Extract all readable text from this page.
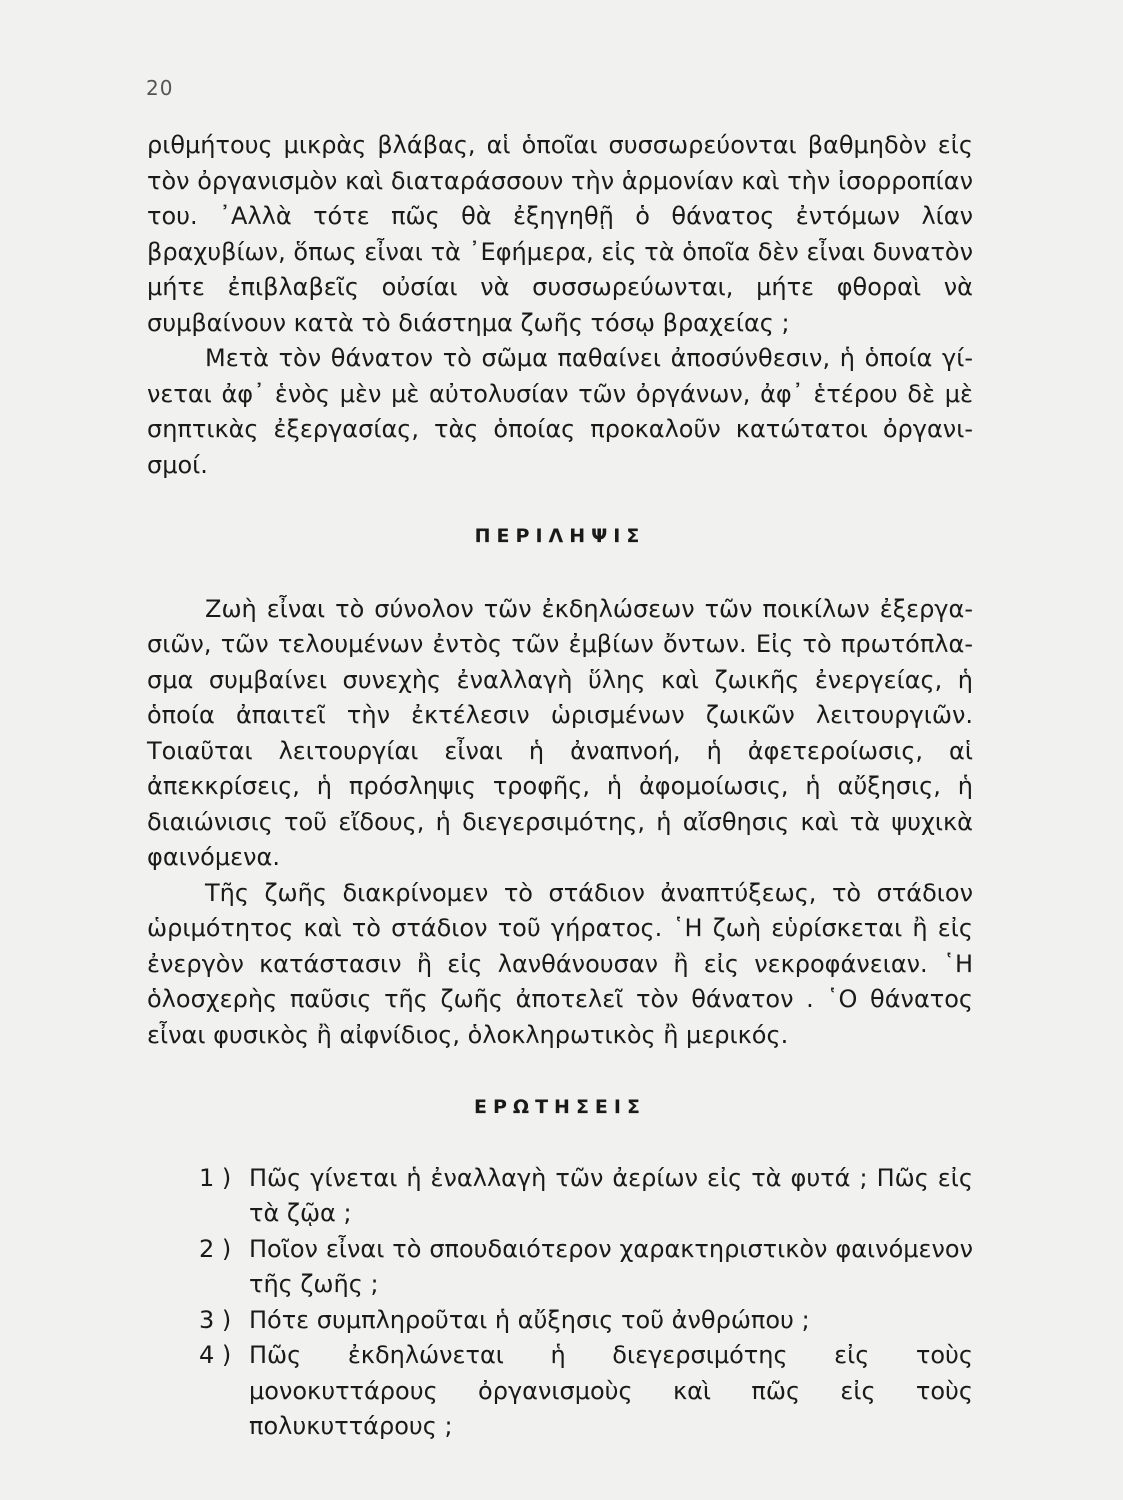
20

ριθμήτους μικρὰς βλάβας, αἱ ὁποῖαι συσσωρεύονται βαθμηδὸν εἰς τὸν ὀργανισμὸν καὶ διαταράσσουν τὴν ἁρμονίαν καὶ τὴν ἰσορροπίαν του. ᾿Αλλὰ τότε πῶς θὰ ἐξηγηθῇ ὁ θάνατος ἐντόμων λίαν βραχυβίων, ὅπως εἶναι τὰ ᾿Εφήμερα, εἰς τὰ ὁποῖα δὲν εἶναι δυνατὸν μήτε ἐπιβλαβεῖς οὐσίαι νὰ συσσωρεύωνται, μήτε φθοραὶ νὰ συμβαίνουν κατὰ τὸ διάστημα ζωῆς τόσῳ βραχείας ;

Μετὰ τὸν θάνατον τὸ σῶμα παθαίνει ἀποσύνθεσιν, ἡ ὁποία γίνεται ἀφ᾿ ἑνὸς μὲν μὲ αὐτολυσίαν τῶν ὀργάνων, ἀφ᾿ ἑτέρου δὲ μὲ σηπτικὰς ἐξεργασίας, τὰς ὁποίας προκαλοῦν κατώτατοι ὀργανισμοί.

ΠΕΡΙΛΗΨΙΣ

Ζωὴ εἶναι τὸ σύνολον τῶν ἐκδηλώσεων τῶν ποικίλων ἐξεργασιῶν, τῶν τελουμένων ἐντὸς τῶν ἐμβίων ὄντων. Εἰς τὸ πρωτόπλασμα συμβαίνει συνεχὴς ἐναλλαγὴ ὕλης καὶ ζωικῆς ἐνεργείας, ἡ ὁποία ἀπαιτεῖ τὴν ἐκτέλεσιν ὡρισμένων ζωικῶν λειτουργιῶν. Τοιαῦται λειτουργίαι εἶναι ἡ ἀναπνοή, ἡ ἀφετεροίωσις, αἱ ἀπεκκρίσεις, ἡ πρόσληψις τροφῆς, ἡ ἀφομοίωσις, ἡ αὔξησις, ἡ διαιώνισις τοῦ εἴδους, ἡ διεγερσιμότης, ἡ αἴσθησις καὶ τὰ ψυχικὰ φαινόμενα.

Τῆς ζωῆς διακρίνομεν τὸ στάδιον ἀναπτύξεως, τὸ στάδιον ὡριμότητος καὶ τὸ στάδιον τοῦ γήρατος. ῾Η ζωὴ εὑρίσκεται ἢ εἰς ἐνεργὸν κατάστασιν ἢ εἰς λανθάνουσαν ἢ εἰς νεκροφάνειαν. ῾Η ὁλοσχερὴς παῦσις τῆς ζωῆς ἀποτελεῖ τὸν θάνατον . ῾Ο θάνατος εἶναι φυσικὸς ἢ αἰφνίδιος, ὁλοκληρωτικὸς ἢ μερικός.

ΕΡΩΤΗΣΕΙΣ
1 ) Πῶς γίνεται ἡ ἐναλλαγὴ τῶν ἀερίων εἰς τὰ φυτά ; Πῶς εἰς τὰ ζῷα ;
2 ) Ποῖον εἶναι τὸ σπουδαιότερον χαρακτηριστικὸν φαινόμενον τῆς ζωῆς ;
3 ) Πότε συμπληροῦται ἡ αὔξησις τοῦ ἀνθρώπου ;
4 ) Πῶς ἐκδηλώνεται ἡ διεγερσιμότης εἰς τοὺς μονοκυττάρους ὀργανισμοὺς καὶ πῶς εἰς τοὺς πολυκυττάρους ;
